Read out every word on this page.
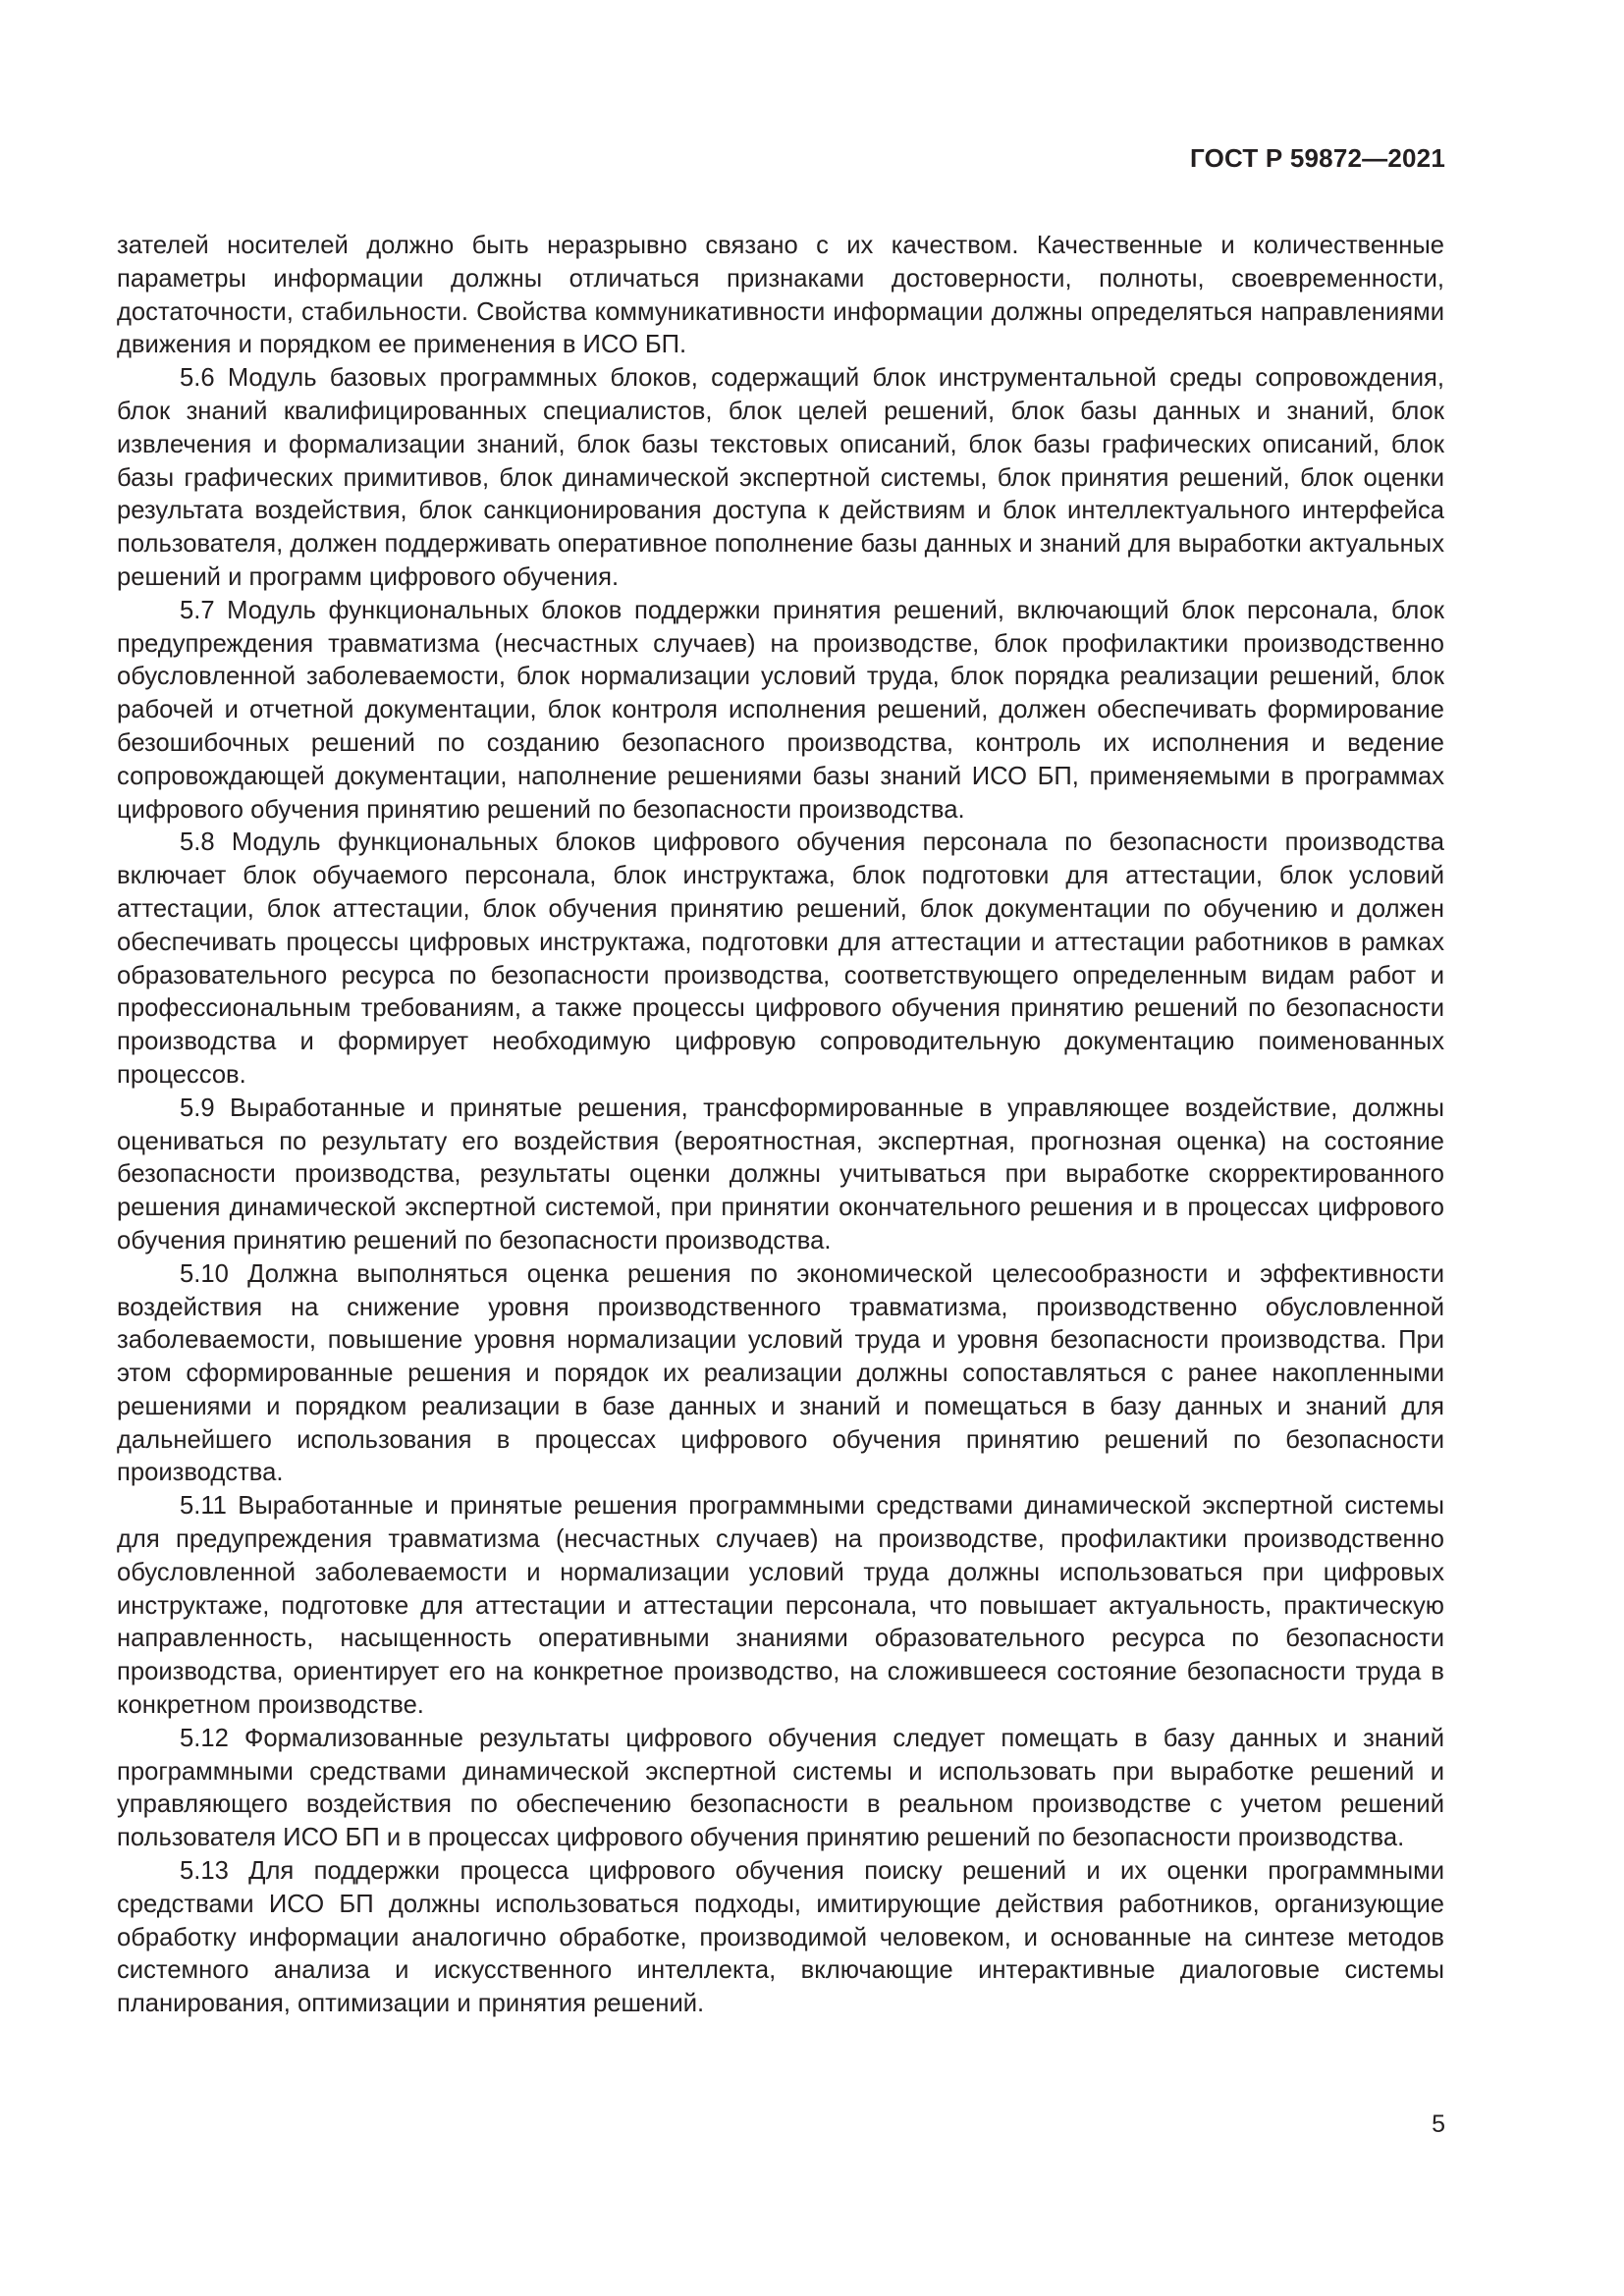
ГОСТ Р 59872—2021

зателей носителей должно быть неразрывно связано с их качеством. Качественные и количественные параметры информации должны отличаться признаками достоверности, полноты, своевременности, достаточности, стабильности. Свойства коммуникативности информации должны определяться направлениями движения и порядком ее применения в ИСО БП.

5.6 Модуль базовых программных блоков, содержащий блок инструментальной среды сопровождения, блок знаний квалифицированных специалистов, блок целей решений, блок базы данных и знаний, блок извлечения и формализации знаний, блок базы текстовых описаний, блок базы графических описаний, блок базы графических примитивов, блок динамической экспертной системы, блок принятия решений, блок оценки результата воздействия, блок санкционирования доступа к действиям и блок интеллектуального интерфейса пользователя, должен поддерживать оперативное пополнение базы данных и знаний для выработки актуальных решений и программ цифрового обучения.

5.7 Модуль функциональных блоков поддержки принятия решений, включающий блок персонала, блок предупреждения травматизма (несчастных случаев) на производстве, блок профилактики производственно обусловленной заболеваемости, блок нормализации условий труда, блок порядка реализации решений, блок рабочей и отчетной документации, блок контроля исполнения решений, должен обеспечивать формирование безошибочных решений по созданию безопасного производства, контроль их исполнения и ведение сопровождающей документации, наполнение решениями базы знаний ИСО БП, применяемыми в программах цифрового обучения принятию решений по безопасности производства.

5.8 Модуль функциональных блоков цифрового обучения персонала по безопасности производства включает блок обучаемого персонала, блок инструктажа, блок подготовки для аттестации, блок условий аттестации, блок аттестации, блок обучения принятию решений, блок документации по обучению и должен обеспечивать процессы цифровых инструктажа, подготовки для аттестации и аттестации работников в рамках образовательного ресурса по безопасности производства, соответствующего определенным видам работ и профессиональным требованиям, а также процессы цифрового обучения принятию решений по безопасности производства и формирует необходимую цифровую сопроводительную документацию поименованных процессов.

5.9 Выработанные и принятые решения, трансформированные в управляющее воздействие, должны оцениваться по результату его воздействия (вероятностная, экспертная, прогнозная оценка) на состояние безопасности производства, результаты оценки должны учитываться при выработке скорректированного решения динамической экспертной системой, при принятии окончательного решения и в процессах цифрового обучения принятию решений по безопасности производства.

5.10 Должна выполняться оценка решения по экономической целесообразности и эффективности воздействия на снижение уровня производственного травматизма, производственно обусловленной заболеваемости, повышение уровня нормализации условий труда и уровня безопасности производства. При этом сформированные решения и порядок их реализации должны сопоставляться с ранее накопленными решениями и порядком реализации в базе данных и знаний и помещаться в базу данных и знаний для дальнейшего использования в процессах цифрового обучения принятию решений по безопасности производства.

5.11 Выработанные и принятые решения программными средствами динамической экспертной системы для предупреждения травматизма (несчастных случаев) на производстве, профилактики производственно обусловленной заболеваемости и нормализации условий труда должны использоваться при цифровых инструктаже, подготовке для аттестации и аттестации персонала, что повышает актуальность, практическую направленность, насыщенность оперативными знаниями образовательного ресурса по безопасности производства, ориентирует его на конкретное производство, на сложившееся состояние безопасности труда в конкретном производстве.

5.12 Формализованные результаты цифрового обучения следует помещать в базу данных и знаний программными средствами динамической экспертной системы и использовать при выработке решений и управляющего воздействия по обеспечению безопасности в реальном производстве с учетом решений пользователя ИСО БП и в процессах цифрового обучения принятию решений по безопасности производства.

5.13 Для поддержки процесса цифрового обучения поиску решений и их оценки программными средствами ИСО БП должны использоваться подходы, имитирующие действия работников, организующие обработку информации аналогично обработке, производимой человеком, и основанные на синтезе методов системного анализа и искусственного интеллекта, включающие интерактивные диалоговые системы планирования, оптимизации и принятия решений.

5
